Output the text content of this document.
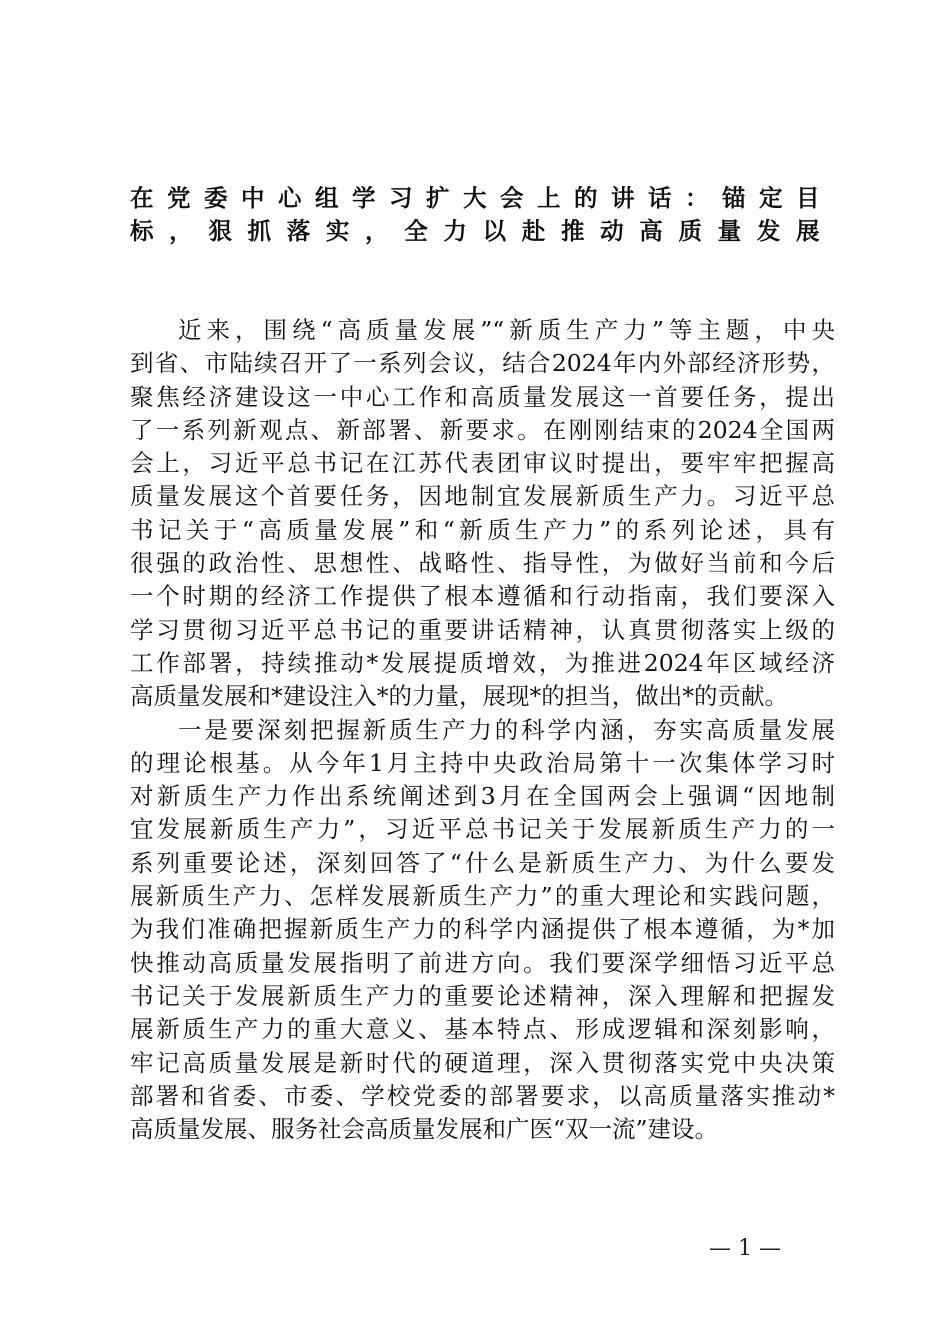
在党委中心组学习扩大会上的讲话：锚定目
标，狠抓落实，全力以赴推动高质量发展
近来，围绕“高质量发展”“新质生产力”等主题，中央
到省、市陆续召开了一系列会议，结合2024年内外部经济形势，
聚焦经济建设这一中心工作和高质量发展这一首要任务，提出
了一系列新观点、新部署、新要求。在刚刚结束的2024全国两
会上，习近平总书记在江苏代表团审议时提出，要牢牢把握高
质量发展这个首要任务，因地制宜发展新质生产力。习近平总
书记关于“高质量发展”和“新质生产力”的系列论述，具有
很强的政治性、思想性、战略性、指导性，为做好当前和今后
一个时期的经济工作提供了根本遵循和行动指南，我们要深入
学习贯彻习近平总书记的重要讲话精神，认真贯彻落实上级的
工作部署，持续推动*发展提质增效，为推进2024年区域经济
高质量发展和*建设注入*的力量，展现*的担当，做出*的贡献。
一是要深刻把握新质生产力的科学内涵，夯实高质量发展
的理论根基。从今年1月主持中央政治局第十一次集体学习时
对新质生产力作出系统阐述到3月在全国两会上强调“因地制
宜发展新质生产力”，习近平总书记关于发展新质生产力的一
系列重要论述，深刻回答了“什么是新质生产力、为什么要发
展新质生产力、怎样发展新质生产力”的重大理论和实践问题，
为我们准确把握新质生产力的科学内涵提供了根本遵循，为*加
快推动高质量发展指明了前进方向。我们要深学细悟习近平总
书记关于发展新质生产力的重要论述精神，深入理解和把握发
展新质生产力的重大意义、基本特点、形成逻辑和深刻影响，
牢记高质量发展是新时代的硬道理，深入贯彻落实党中央决策
部署和省委、市委、学校党委的部署要求，以高质量落实推动*
高质量发展、服务社会高质量发展和广医“双一流”建设。
— 1 —
